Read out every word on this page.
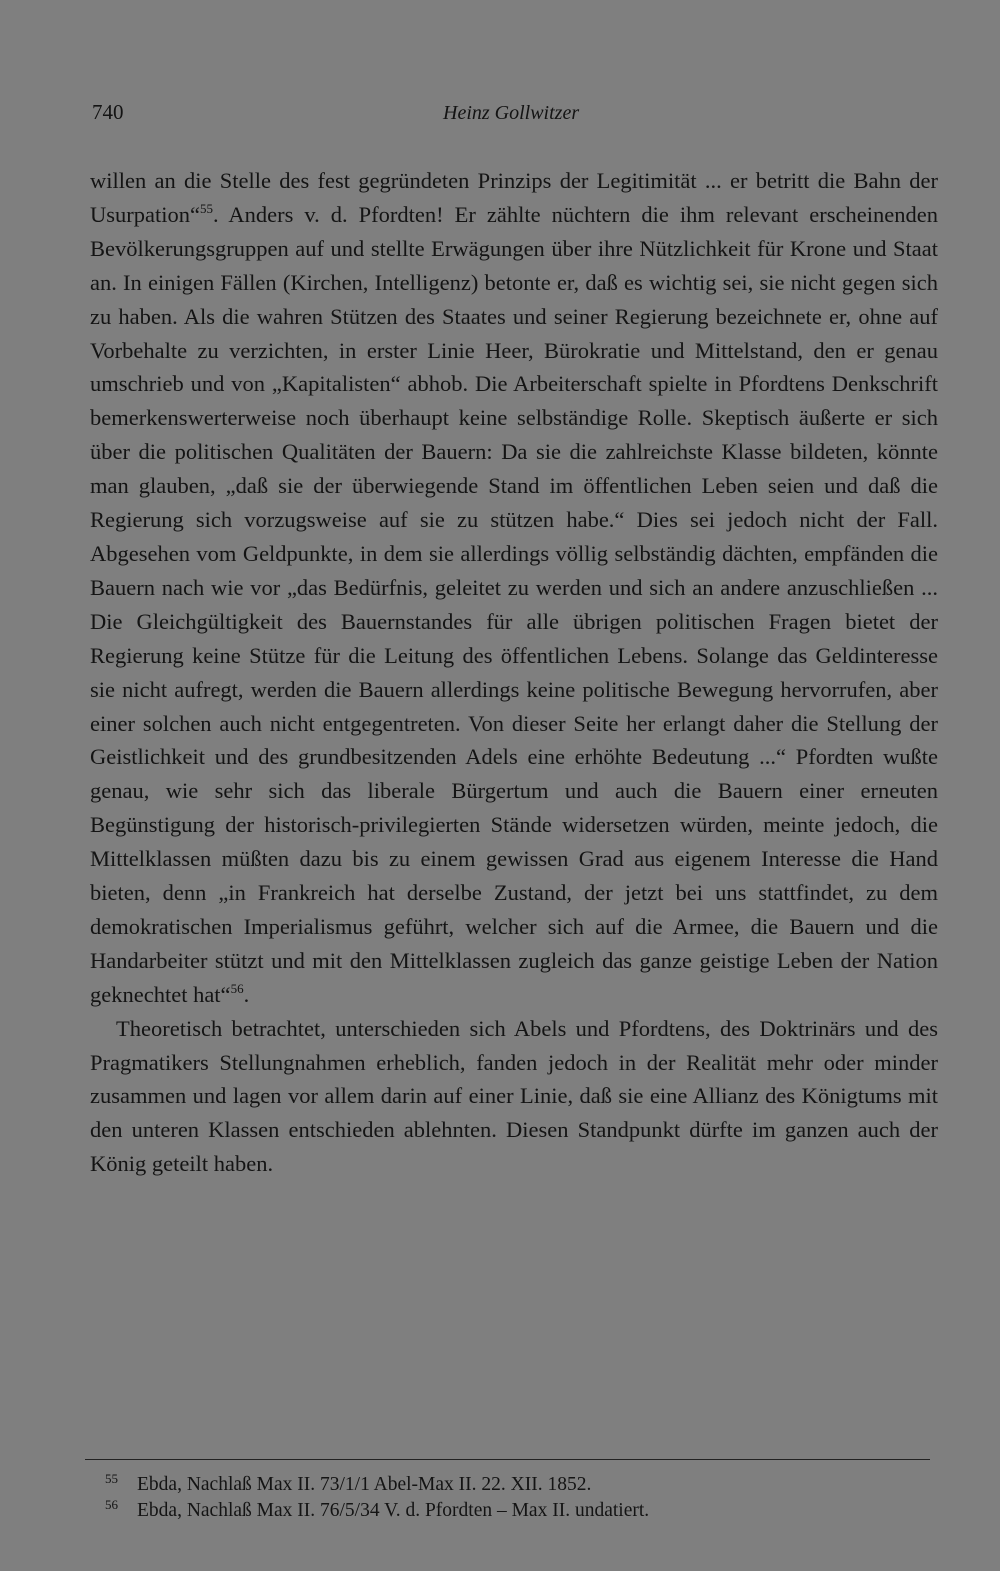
740	Heinz Gollwitzer

willen an die Stelle des fest gegründeten Prinzips der Legitimität ... er betritt die Bahn der Usurpation“$^{55}$. Anders v. d. Pfordten! Er zählte nüchtern die ihm relevant erscheinenden Bevölkerungsgruppen auf und stellte Erwägungen über ihre Nützlichkeit für Krone und Staat an. In einigen Fällen (Kirchen, Intelligenz) betonte er, daß es wichtig sei, sie nicht gegen sich zu haben. Als die wahren Stützen des Staates und seiner Regierung bezeichnete er, ohne auf Vorbehalte zu verzichten, in erster Linie Heer, Bürokratie und Mittelstand, den er genau umschrieb und von „Kapitalisten“ abhob. Die Arbeiterschaft spielte in Pfordtens Denkschrift bemerkenswerterweise noch überhaupt keine selbständige Rolle. Skeptisch äußerte er sich über die politischen Qualitäten der Bauern: Da sie die zahlreichste Klasse bildeten, könnte man glauben, „daß sie der überwiegende Stand im öffentlichen Leben seien und daß die Regierung sich vorzugsweise auf sie zu stützen habe.“ Dies sei jedoch nicht der Fall. Abgesehen vom Geldpunkte, in dem sie allerdings völlig selbständig dächten, empfänden die Bauern nach wie vor „das Bedürfnis, geleitet zu werden und sich an andere anzuschließen ... Die Gleichgültigkeit des Bauernstandes für alle übrigen politischen Fragen bietet der Regierung keine Stütze für die Leitung des öffentlichen Lebens. Solange das Geldinteresse sie nicht aufregt, werden die Bauern allerdings keine politische Bewegung hervorrufen, aber einer solchen auch nicht entgegentreten. Von dieser Seite her erlangt daher die Stellung der Geistlichkeit und des grundbesitzenden Adels eine erhöhte Bedeutung ...“ Pfordten wußte genau, wie sehr sich das liberale Bürgertum und auch die Bauern einer erneuten Begünstigung der historisch-privilegierten Stände widersetzen würden, meinte jedoch, die Mittelklassen müßten dazu bis zu einem gewissen Grad aus eigenem Interesse die Hand bieten, denn „in Frankreich hat derselbe Zustand, der jetzt bei uns stattfindet, zu dem demokratischen Imperialismus geführt, welcher sich auf die Armee, die Bauern und die Handarbeiter stützt und mit den Mittelklassen zugleich das ganze geistige Leben der Nation geknechtet hat“$^{56}$.

Theoretisch betrachtet, unterschieden sich Abels und Pfordtens, des Doktrinärs und des Pragmatikers Stellungnahmen erheblich, fanden jedoch in der Realität mehr oder minder zusammen und lagen vor allem darin auf einer Linie, daß sie eine Allianz des Königtums mit den unteren Klassen entschieden ablehnten. Diesen Standpunkt dürfte im ganzen auch der König geteilt haben.

55 Ebda, Nachlaß Max II. 73/1/1 Abel-Max II. 22. XII. 1852.
56 Ebda, Nachlaß Max II. 76/5/34 V. d. Pfordten – Max II. undatiert.
